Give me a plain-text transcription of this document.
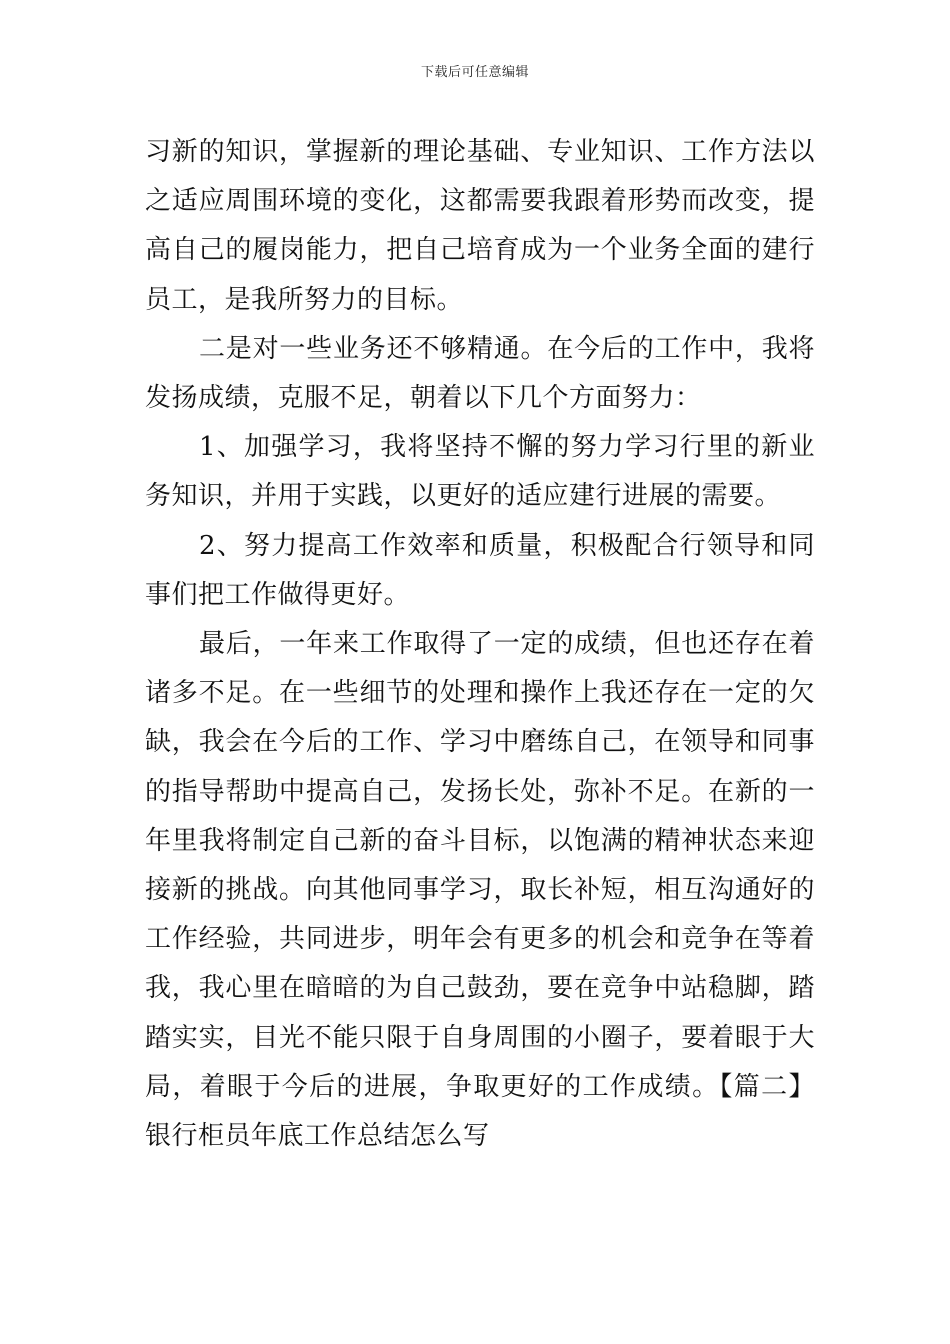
下载后可任意编辑

习新的知识，掌握新的理论基础、专业知识、工作方法以之适应周围环境的变化，这都需要我跟着形势而改变，提高自己的履岗能力，把自己培育成为一个业务全面的建行员工，是我所努力的目标。

二是对一些业务还不够精通。在今后的工作中，我将发扬成绩，克服不足，朝着以下几个方面努力：

1、加强学习，我将坚持不懈的努力学习行里的新业务知识，并用于实践，以更好的适应建行进展的需要。

2、努力提高工作效率和质量，积极配合行领导和同事们把工作做得更好。

最后，一年来工作取得了一定的成绩，但也还存在着诸多不足。在一些细节的处理和操作上我还存在一定的欠缺，我会在今后的工作、学习中磨练自己，在领导和同事的指导帮助中提高自己，发扬长处，弥补不足。在新的一年里我将制定自己新的奋斗目标，以饱满的精神状态来迎接新的挑战。向其他同事学习，取长补短，相互沟通好的工作经验，共同进步，明年会有更多的机会和竞争在等着我，我心里在暗暗的为自己鼓劲，要在竞争中站稳脚，踏踏实实，目光不能只限于自身周围的小圈子，要着眼于大局，着眼于今后的进展，争取更好的工作成绩。【篇二】银行柜员年底工作总结怎么写
